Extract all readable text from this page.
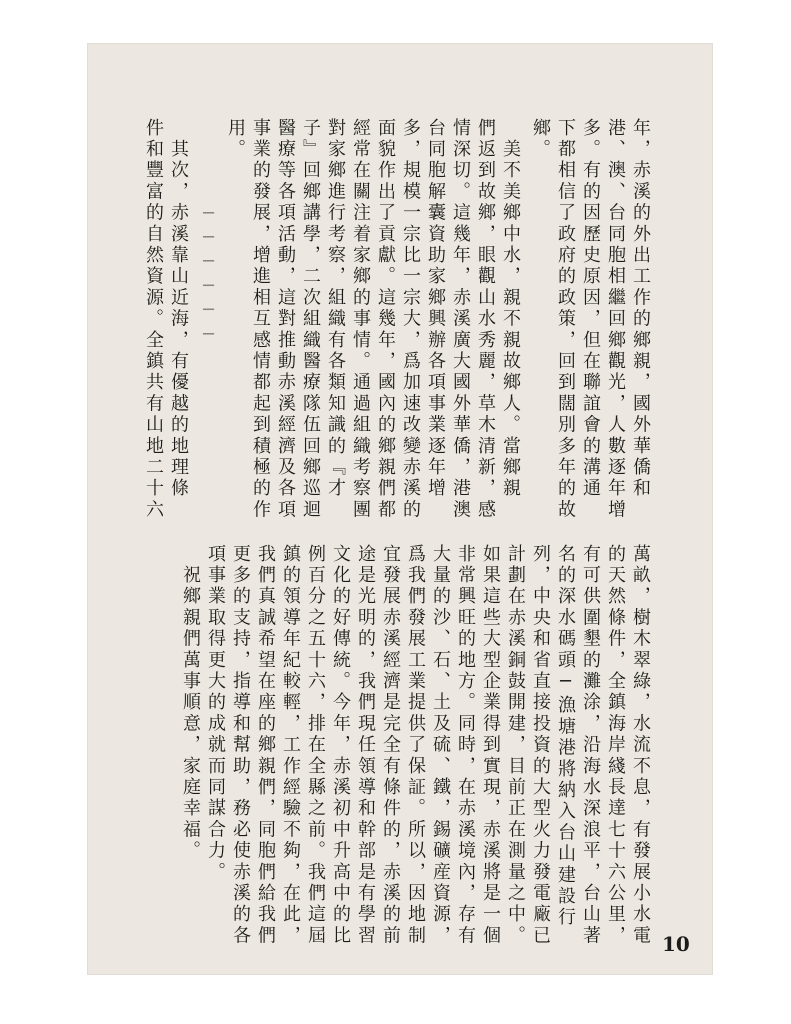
年，赤溪的外出工作的鄉親，國外華僑和
港、澳、台同胞相繼回鄉觀光，人數逐年增
多。有的因歷史原因，但在聯誼會的溝通
下都相信了政府的政策，回到闊別多年的故
鄉。
　美不美鄉中水，親不親故鄉人。當鄉親
們返到故鄉，眼觀山水秀麗，草木清新，感
情深切。這幾年，赤溪廣大國外華僑，港澳
台同胞解囊資助家鄉興辦各項事業逐年增
多，規模一宗比一宗大，爲加速改變赤溪的
面貌作出了貢獻。這幾年，國內的鄉親們都
經常在關注着家鄉的事情。通過組織考察團
對家鄉進行考察，組織有各類知識的『才
子』回鄉講學，二次組織醫療隊伍回鄉巡迴
醫療等各項活動，這對推動赤溪經濟及各項
事業的發展，增進相互感情都起到積極的作
用。
　　　　──────
　其次，赤溪靠山近海，有優越的地理條
件和豐富的自然資源。全鎮共有山地二十六
萬畝，樹木翠綠，水流不息，有發展小水電
的天然條件，全鎮海岸綫長達七十六公里，
有可供圍墾的灘涂，沿海水深浪平，台山著
名的深水碼頭─漁塘港將納入台山建設行
列，中央和省直接投資的大型火力發電廠已
計劃在赤溪銅鼓開建，目前正在測量之中。
如果這些大型企業得到實現，赤溪將是一個
非常興旺的地方。同時，在赤溪境內，存有
大量的沙、石、土及硫、鐵，錫礦産資源，
爲我們發展工業提供了保証。所以，因地制
宜發展赤溪經濟是完全有條件的，赤溪的前
途是光明的，我們現任領導和幹部是有學習
文化的好傳統。今年，赤溪初中升高中的比
例百分之五十六，排在全縣之前。我們這屆
鎮的領導年紀較輕，工作經驗不夠，在此，
我們真誠希望在座的鄉親們，同胞們給我們
更多的支持，指導和幫助，務必使赤溪的各
項事業取得更大的成就而同謀合力。
　祝鄉親們萬事順意，家庭幸福。
10
